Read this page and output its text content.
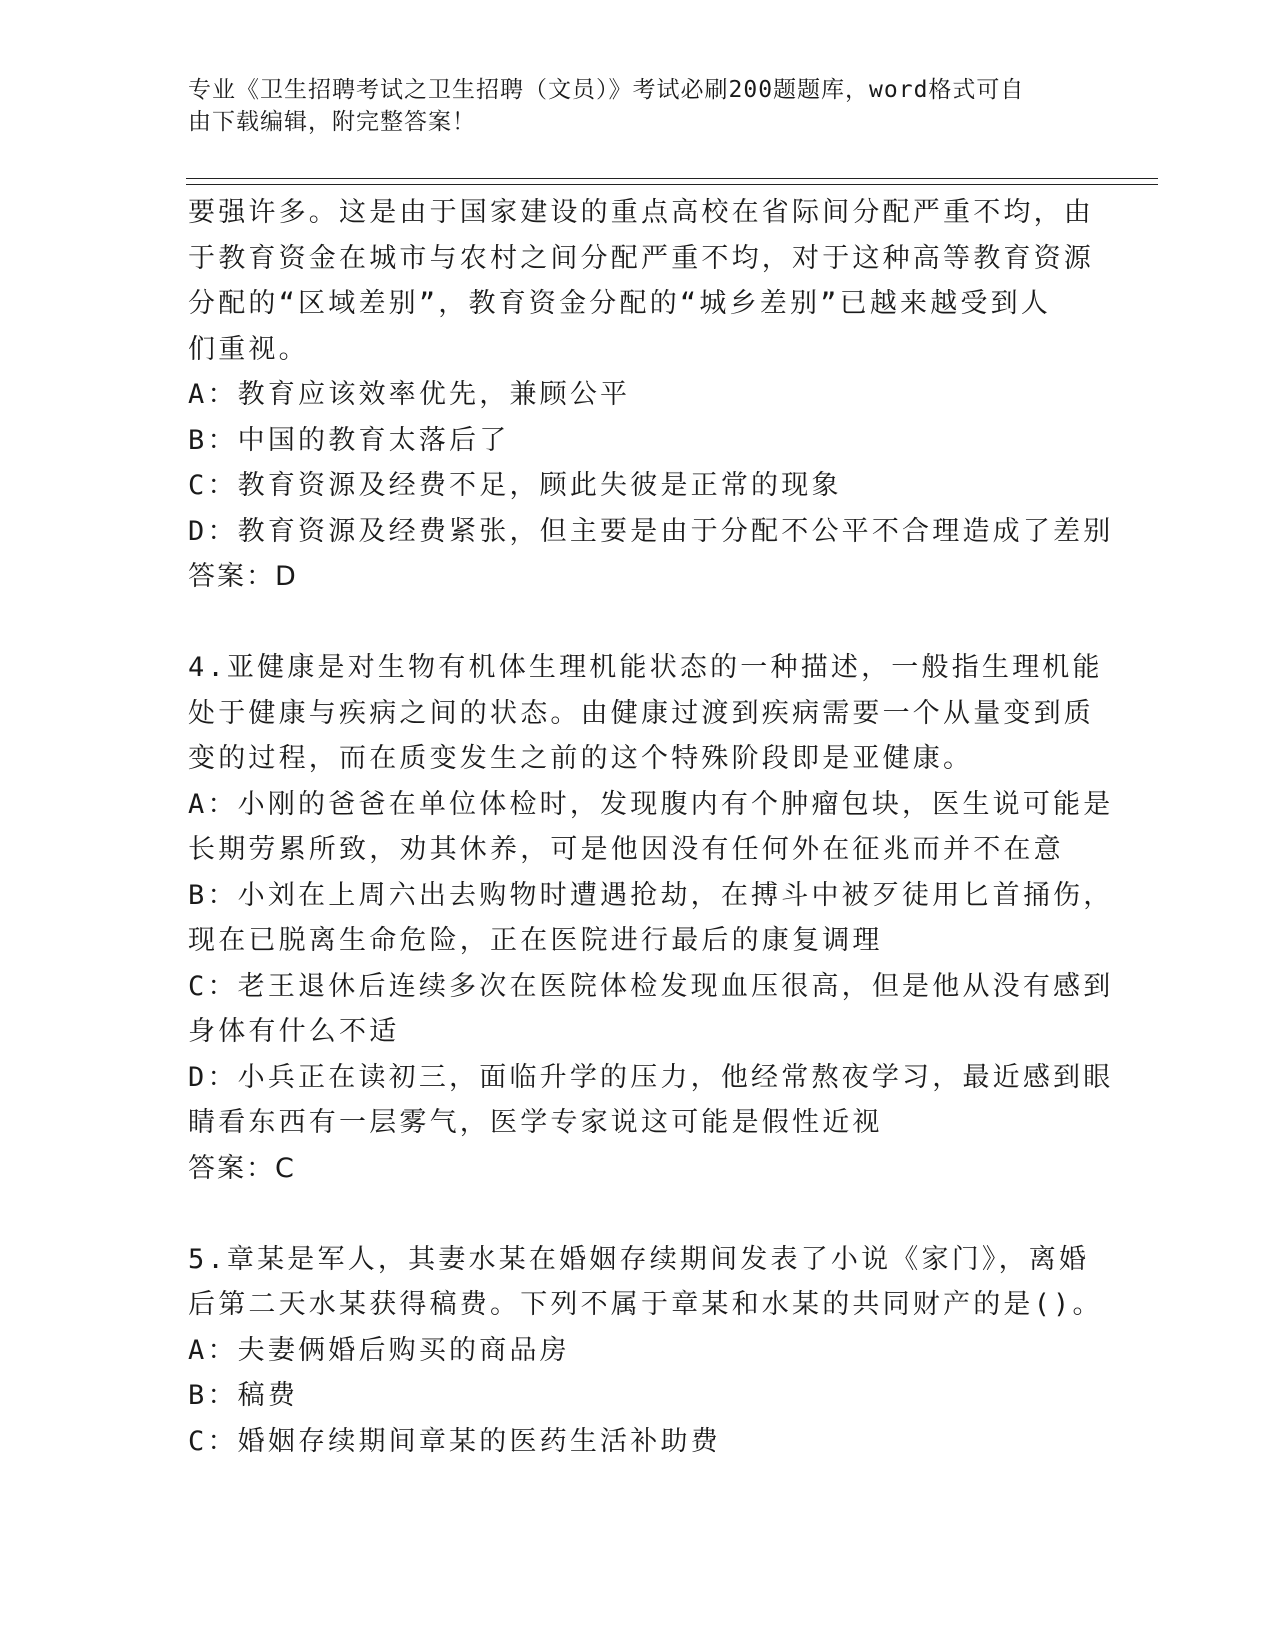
专业《卫生招聘考试之卫生招聘（文员）》考试必刷200题题库，word格式可自
由下载编辑，附完整答案！
要强许多。这是由于国家建设的重点高校在省际间分配严重不均，由
于教育资金在城市与农村之间分配严重不均，对于这种高等教育资源
分配的“区域差别”，教育资金分配的“城乡差别”已越来越受到人
们重视。
A：教育应该效率优先，兼顾公平
B：中国的教育太落后了
C：教育资源及经费不足，顾此失彼是正常的现象
D：教育资源及经费紧张，但主要是由于分配不公平不合理造成了差别
答案：D
4.亚健康是对生物有机体生理机能状态的一种描述，一般指生理机能
处于健康与疾病之间的状态。由健康过渡到疾病需要一个从量变到质
变的过程，而在质变发生之前的这个特殊阶段即是亚健康。
A：小刚的爸爸在单位体检时，发现腹内有个肿瘤包块，医生说可能是
长期劳累所致，劝其休养，可是他因没有任何外在征兆而并不在意
B：小刘在上周六出去购物时遭遇抢劫，在搏斗中被歹徒用匕首捅伤，
现在已脱离生命危险，正在医院进行最后的康复调理
C：老王退休后连续多次在医院体检发现血压很高，但是他从没有感到
身体有什么不适
D：小兵正在读初三，面临升学的压力，他经常熬夜学习，最近感到眼
睛看东西有一层雾气，医学专家说这可能是假性近视
答案：C
5.章某是军人，其妻水某在婚姻存续期间发表了小说《家门》，离婚
后第二天水某获得稿费。下列不属于章某和水某的共同财产的是()。
A：夫妻俩婚后购买的商品房
B：稿费
C：婚姻存续期间章某的医药生活补助费
